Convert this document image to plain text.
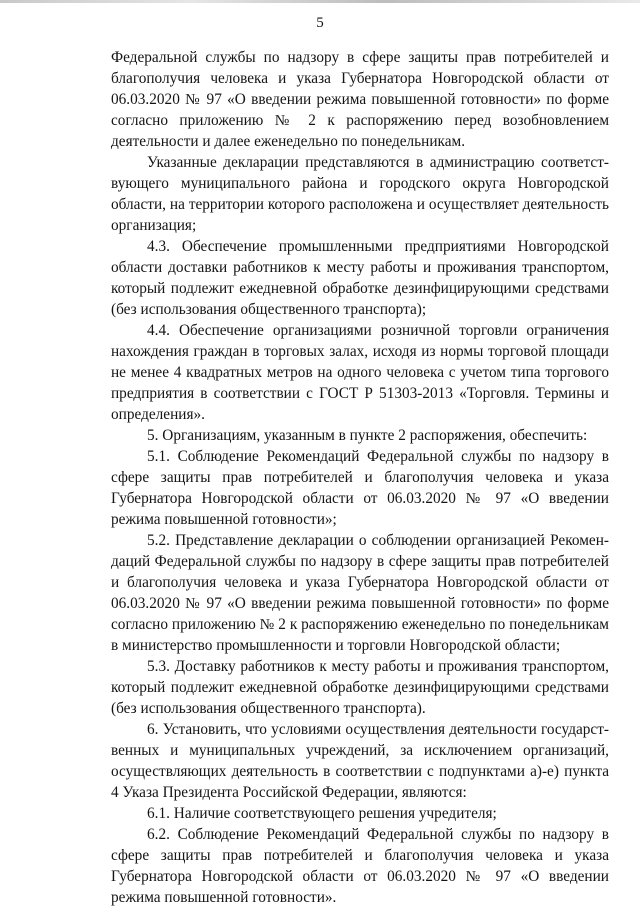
5

Федеральной службы по надзору в сфере защиты прав потребителей и благополучия человека и указа Губернатора Новгородской области от 06.03.2020 № 97 «О введении режима повышенной готовности» по форме согласно приложению № 2 к распоряжению перед возобновлением деятельности и далее еженедельно по понедельникам.

Указанные декларации представляются в администрацию соответст-вующего муниципального района и городского округа Новгородской области, на территории которого расположена и осуществляет деятельность организация;

4.3. Обеспечение промышленными предприятиями Новгородской области доставки работников к месту работы и проживания транспортом, который подлежит ежедневной обработке дезинфицирующими средствами (без использования общественного транспорта);

4.4. Обеспечение организациями розничной торговли ограничения нахождения граждан в торговых залах, исходя из нормы торговой площади не менее 4 квадратных метров на одного человека с учетом типа торгового предприятия в соответствии с ГОСТ Р 51303-2013 «Торговля. Термины и определения».

5. Организациям, указанным в пункте 2 распоряжения, обеспечить:

5.1. Соблюдение Рекомендаций Федеральной службы по надзору в сфере защиты прав потребителей и благополучия человека и указа Губернатора Новгородской области от 06.03.2020 № 97 «О введении режима повышенной готовности»;

5.2. Представление декларации о соблюдении организацией Рекомен-даций Федеральной службы по надзору в сфере защиты прав потребителей и благополучия человека и указа Губернатора Новгородской области от 06.03.2020 № 97 «О введении режима повышенной готовности» по форме согласно приложению № 2 к распоряжению еженедельно по понедельникам в министерство промышленности и торговли Новгородской области;

5.3. Доставку работников к месту работы и проживания транспортом, который подлежит ежедневной обработке дезинфицирующими средствами (без использования общественного транспорта).

6. Установить, что условиями осуществления деятельности государст-венных и муниципальных учреждений, за исключением организаций, осуществляющих деятельность в соответствии с подпунктами а)-е) пункта 4 Указа Президента Российской Федерации, являются:

6.1. Наличие соответствующего решения учредителя;

6.2. Соблюдение Рекомендаций Федеральной службы по надзору в сфере защиты прав потребителей и благополучия человека и указа Губернатора Новгородской области от 06.03.2020 № 97 «О введении режима повышенной готовности».
